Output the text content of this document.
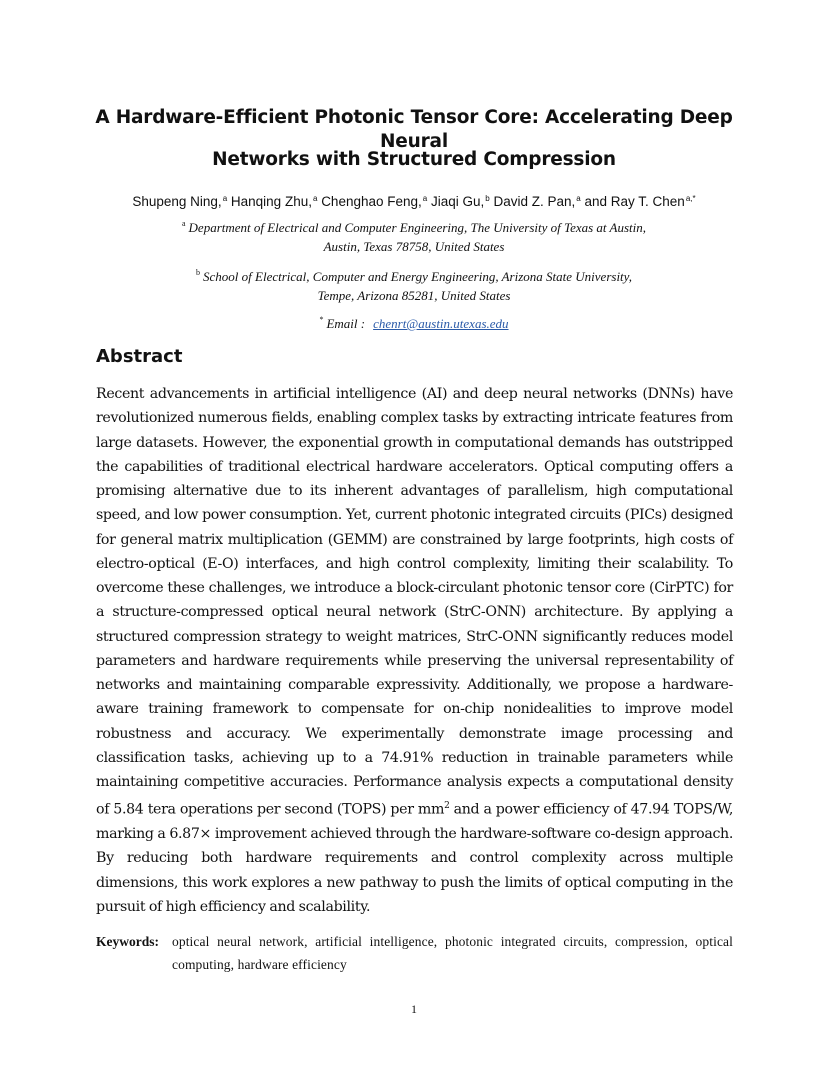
A Hardware-Efficient Photonic Tensor Core: Accelerating Deep Neural
Networks with Structured Compression
Shupeng Ning,$^a$ Hanqing Zhu,$^a$ Chenghao Feng,$^a$ Jiaqi Gu,$^b$ David Z. Pan,$^a$ and Ray T. Chen$^{a,*}$
$^a$ Department of Electrical and Computer Engineering, The University of Texas at Austin,
Austin, Texas 78758, United States
$^b$ School of Electrical, Computer and Energy Engineering, Arizona State University,
Tempe, Arizona 85281, United States
* Email : chenrt@austin.utexas.edu
Abstract

Recent advancements in artificial intelligence (AI) and deep neural networks (DNNs) have revolutionized numerous fields, enabling complex tasks by extracting intricate features from large datasets. However, the exponential growth in computational demands has outstripped the capabilities of traditional electrical hardware accelerators. Optical computing offers a promising alternative due to its inherent advantages of parallelism, high computational speed, and low power consumption. Yet, current photonic integrated circuits (PICs) designed for general matrix multiplication (GEMM) are constrained by large footprints, high costs of electro-optical (E-O) interfaces, and high control complexity, limiting their scalability. To overcome these challenges, we introduce a block-circulant photonic tensor core (CirPTC) for a structure-compressed optical neural network (StrC-ONN) architecture. By applying a structured compression strategy to weight matrices, StrC-ONN significantly reduces model parameters and hardware requirements while preserving the universal representability of networks and maintaining comparable expressivity. Additionally, we propose a hardware-aware training framework to compensate for on-chip nonidealities to improve model robustness and accuracy. We experimentally demonstrate image processing and classification tasks, achieving up to a 74.91% reduction in trainable parameters while maintaining competitive accuracies. Performance analysis expects a computational density of 5.84 tera operations per second (TOPS) per $mm^2$ and a power efficiency of 47.94 TOPS/W, marking a 6.87× improvement achieved through the hardware-software co-design approach. By reducing both hardware requirements and control complexity across multiple dimensions, this work explores a new pathway to push the limits of optical computing in the pursuit of high efficiency and scalability.

Keywords: optical neural network, artificial intelligence, photonic integrated circuits, compression, optical computing, hardware efficiency
1
